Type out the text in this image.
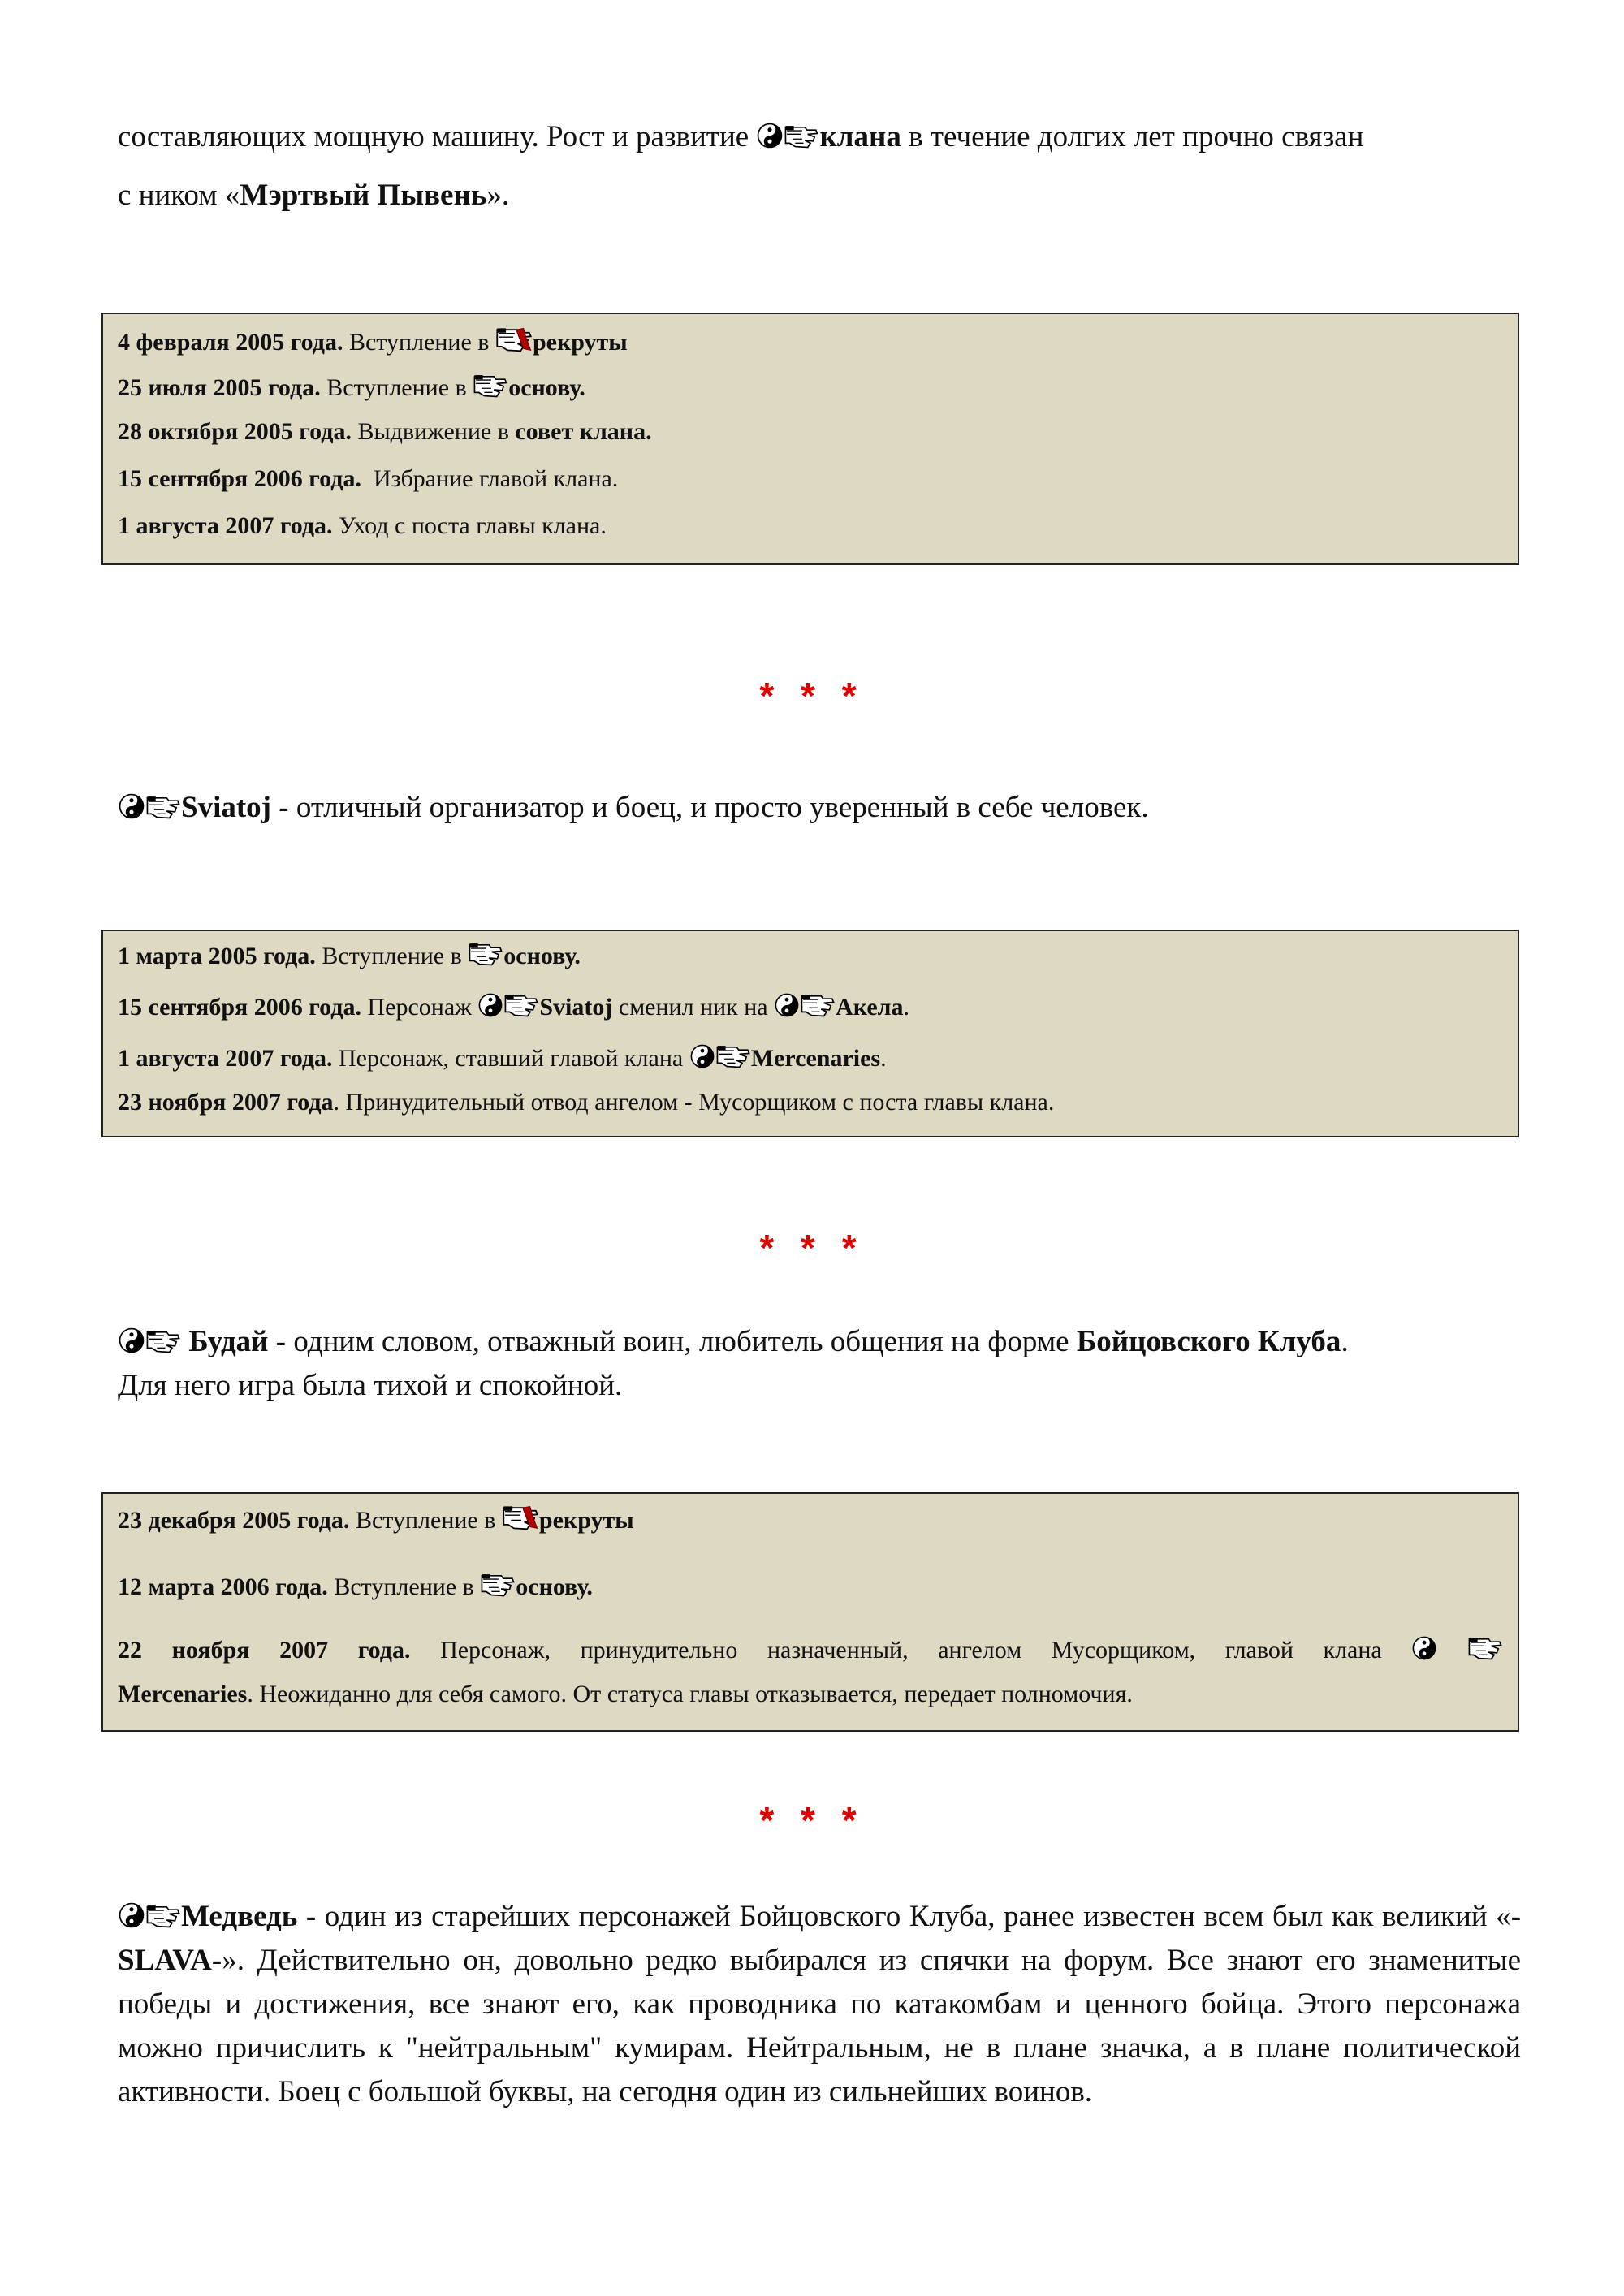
составляющих мощную машину. Рост и развитие клана в течение долгих лет прочно связан
с ником «Мэртвый Пывень».
4 февраля 2005 года. Вступление в рекруты
25 июля 2005 года. Вступление в основу.
28 октября 2005 года. Выдвижение в совет клана.
15 сентября 2006 года. Избрание главой клана.
1 августа 2007 года. Уход с поста главы клана.
* * *
Sviatoj - отличный организатор и боец, и просто уверенный в себе человек.
1 марта 2005 года. Вступление в основу.
15 сентября 2006 года. Персонаж	Sviatoj сменил ник на	Акела.
1 августа 2007 года. Персонаж, ставший главой клана	Mercenaries.
23 ноября 2007 года. Принудительный отвод ангелом - Мусорщиком с поста главы клана.
* * *
Будай - одним словом, отважный воин, любитель общения на форме Бойцовского Клуба.
Для него игра была тихой и спокойной.
23 декабря 2005 года. Вступление в рекруты
12 марта 2006 года. Вступление в основу.
22 ноября 2007 года. Персонаж, принудительно назначенный, ангелом Мусорщиком, главой клана

Mercenaries. Неожиданно для себя самого. От статуса главы отказывается, передает полномочия.
* * *
Медведь - один из старейших персонажей Бойцовского Клуба, ранее известен всем был как великий «-SLAVA-». Действительно он, довольно редко выбирался из спячки на форум. Все знают его знаменитые победы и достижения, все знают его, как проводника по катакомбам и ценного бойца. Этого персонажа можно причислить к "нейтральным" кумирам. Нейтральным, не в плане значка, а в плане политической активности. Боец с большой буквы, на сегодня один из сильнейших воинов.
